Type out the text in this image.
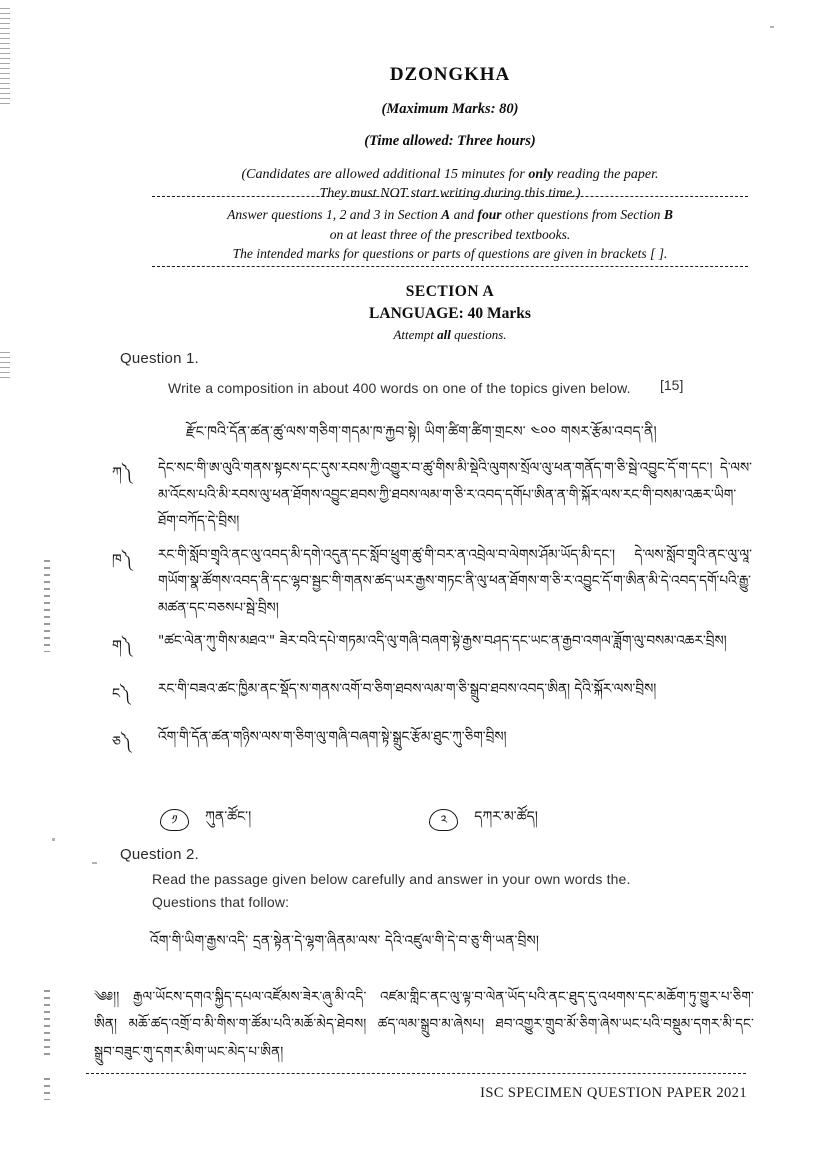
DZONGKHA

(Maximum Marks: 80)

(Time allowed: Three hours)

(Candidates are allowed additional 15 minutes for only reading the paper.
They must NOT start writing during this time.)

Answer questions 1, 2 and 3 in Section A and four other questions from Section B
on at least three of the prescribed textbooks.
The intended marks for questions or parts of questions are given in brackets [ ].

SECTION A

LANGUAGE: 40 Marks

Attempt all questions.

Question 1.
Write a composition in about 400 words on one of the topics given below.	[15]
རྫོང་ཁའི་དོན་ཚན་ཚུ་ལས་གཅིག་གདམ་ཁ་རྐྱབ་སྟེ། ཡིག་ཚིག་ཚིག་གྲངས་ ༤༠༠ གསར་རྩོམ་འབད་ནི།
ཀ༽	དེང་སང་གི་ཨ་ལུའི་གནས་སྟངས་དང་དུས་རབས་ཀྱི་འགྱུར་བ་ཚུ་གིས་མི་སྡེའི་ལུགས་སྲོལ་ལུ་ཕན་གནོད་ག་ཅི་སྦེ་འབྱུང་དོ་ག་དང་། དེ་ལས་མ་འོངས་པའི་མི་རབས་ལུ་ཕན་ཐོགས་འབྱུང་ཐབས་ཀྱི་ཐབས་ལམ་ག་ཅི་ར་འབད་དགོཔ་ཨིན་ན་གི་སྐོར་ལས་རང་གི་བསམ་འཆར་ཡིག་ཐོག་བཀོད་དེ་བྲིས།
ཁ༽	རང་གི་སློབ་གྲྭའི་ནང་ལུ་འབད་མི་དགེ་འདུན་དང་སློབ་ཕྲུག་ཚུ་གི་བར་ན་འབྲེལ་བ་ལེགས་ཤོམ་ཡོད་མི་དང་། དེ་ལས་སློབ་གྲྭའི་ནང་ལུ་ལཱ་གཡོག་སྣ་ཚོགས་འབད་ནི་དང་ལྷབ་སྦྱང་གི་གནས་ཚད་ཡར་རྒྱས་གཏང་ནི་ལུ་ཕན་ཐོགས་ག་ཅི་ར་འབྱུང་དོ་ག་ཨིན་མི་དེ་འབད་དགོ་པའི་རྒྱུ་མཚན་དང་བཅསཔ་སྦེ་བྲིས།
ག༽	"ཚང་ལེན་ཀུ་གིས་མཐའ་" ཟེར་བའི་དཔེ་གཏམ་འདི་ལུ་གཞི་བཞག་སྟེ་རྒྱས་བཤད་དང་ཡང་ན་རྒྱབ་འགལ་ཟློག་ལུ་བསམ་འཆར་བྲིས།
ང༽	རང་གི་བཟའ་ཚང་ཁྱིམ་ནང་སྡོད་ས་གནས་འགོ་བ་ཅིག་ཐབས་ལམ་ག་ཅི་སྒྲུབ་ཐབས་འབད་ཨིན། དེའི་སྐོར་ལས་བྲིས།
ཅ༽	འོག་གི་དོན་ཚན་གཉིས་ལས་ག་ཅིག་ལུ་གཞི་བཞག་སྟེ་སྒྲུང་རྩོམ་ཐུང་ཀུ་ཅིག་བྲིས།
༡	ཀུན་ཚོང་།	༢	དཀར་མ་ཚོད།
Question 2.
Read the passage given below carefully and answer in your own words the.
Questions that follow:
འོག་གི་ཡིག་རྒྱས་འདི་ དྲན་སྟེན་དེ་ལྷག་ཞིནམ་ལས་ དེའི་འཛུལ་གི་དེ་བ་ཅུ་གི་ཡན་བྲིས།
༄༅།། རྒྱལ་ཡོངས་དགའ་སྐྱིད་དཔལ་འཛོམས་ཟེར་ཞུ་མི་འདི་ འཛམ་གླིང་ནང་ལུ་ལྟ་བ་ལེན་ཡོད་པའི་ནང་ཐུད་དུ་འཕགས་དང་མཆོག་ཏུ་གྱུར་པ་ཅིག་ཨིན། མཆོ་ཚད་འགྲོ་བ་མི་གིས་ག་ཚོམ་པའི་མཆོ་མེད་ཐེབས། ཚད་ལམ་སྒྲུབ་མ་ཞེསཔ། ཐབ་འགྱུར་གྲུབ་མོ་ཅིག་ཞེས་ཡང་པའི་བསྡུམ་དགར་མི་དང་སྒྲུབ་བཟུང་གུ་དགར་མིག་ཡང་མེད་པ་ཨིན།
ISC SPECIMEN QUESTION PAPER 2021
